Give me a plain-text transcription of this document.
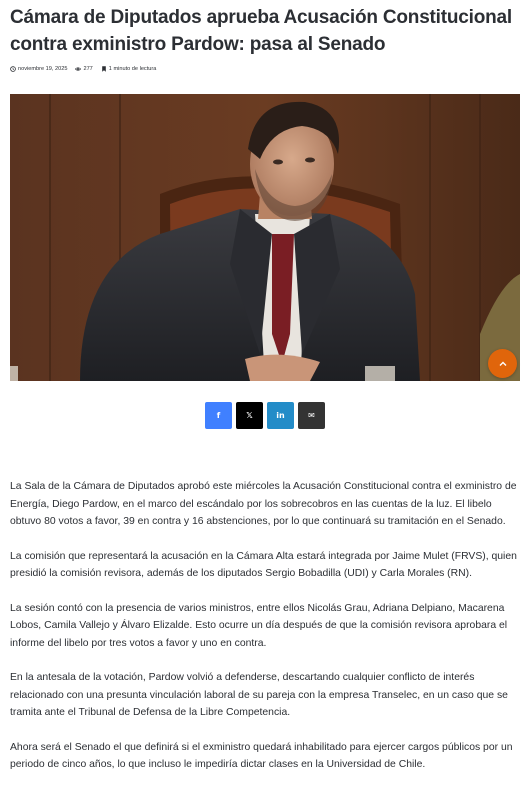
Cámara de Diputados aprueba Acusación Constitucional contra exministro Pardow: pasa al Senado
noviembre 19, 2025	277	1 minuto de lectura
f	𝕏	in	✉

La Sala de la Cámara de Diputados aprobó este miércoles la Acusación Constitucional contra el exministro de Energía, Diego Pardow, en el marco del escándalo por los sobrecobros en las cuentas de la luz. El libelo obtuvo 80 votos a favor, 39 en contra y 16 abstenciones, por lo que continuará su tramitación en el Senado.

La comisión que representará la acusación en la Cámara Alta estará integrada por Jaime Mulet (FRVS), quien presidió la comisión revisora, además de los diputados Sergio Bobadilla (UDI) y Carla Morales (RN).

La sesión contó con la presencia de varios ministros, entre ellos Nicolás Grau, Adriana Delpiano, Macarena Lobos, Camila Vallejo y Álvaro Elizalde. Esto ocurre un día después de que la comisión revisora aprobara el informe del libelo por tres votos a favor y uno en contra.

En la antesala de la votación, Pardow volvió a defenderse, descartando cualquier conflicto de interés relacionado con una presunta vinculación laboral de su pareja con la empresa Transelec, en un caso que se tramita ante el Tribunal de Defensa de la Libre Competencia.

Ahora será el Senado el que definirá si el exministro quedará inhabilitado para ejercer cargos públicos por un periodo de cinco años, lo que incluso le impediría dictar clases en la Universidad de Chile.
